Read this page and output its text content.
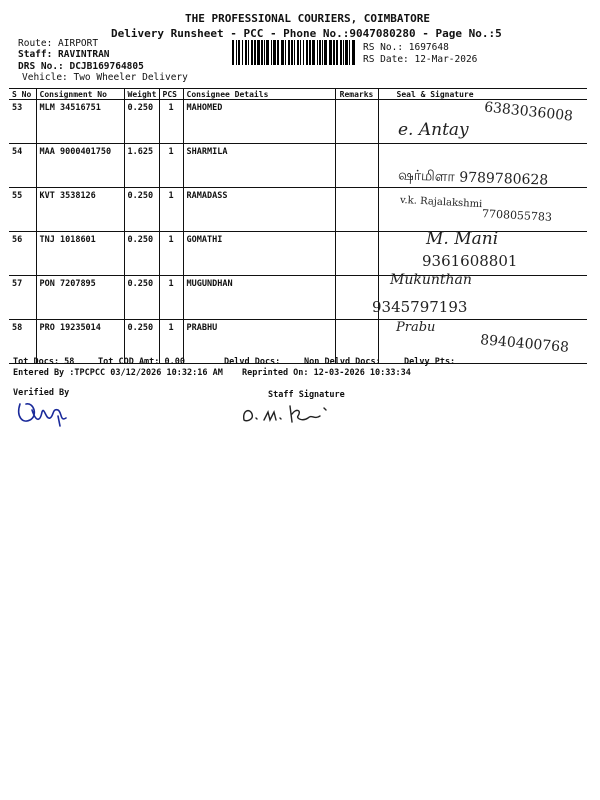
THE PROFESSIONAL COURIERS, COIMBATORE
Delivery Runsheet - PCC - Phone No.:9047080280 - Page No.:5
Route: AIRPORT
Staff: RAVINTRAN
DRS No.: DCJB169764805
Vehicle: Two Wheeler Delivery
RS No.: 1697648
RS Date: 12-Mar-2026
S No	Consignment No	Weight	PCS	Consignee Details	Remarks	Seal & Signature
53	MLM 34516751	0.250	1	MAHOMED		
54	MAA 9000401750	1.625	1	SHARMILA		
55	KVT 3538126	0.250	1	RAMADASS		
56	TNJ 1018601	0.250	1	GOMATHI		
57	PON 7207895	0.250	1	MUGUNDHAN		
58	PRO 19235014	0.250	1	PRABHU		
6383036008
e. Antay
ஷர்மிளா 9789780628
v.k. Rajalakshmi
7708055783
M. Mani
9361608801
Mukunthan
9345797193
Prabu
8940400768
Tot Docs: 58	Tot COD Amt: 0.00	Delvd Docs:	Non Delvd Docs:	Delvy Pts:
Entered By :TPCPCC 03/12/2026 10:32:16 AM Reprinted On: 12-03-2026 10:33:34
Verified By	Staff Signature
